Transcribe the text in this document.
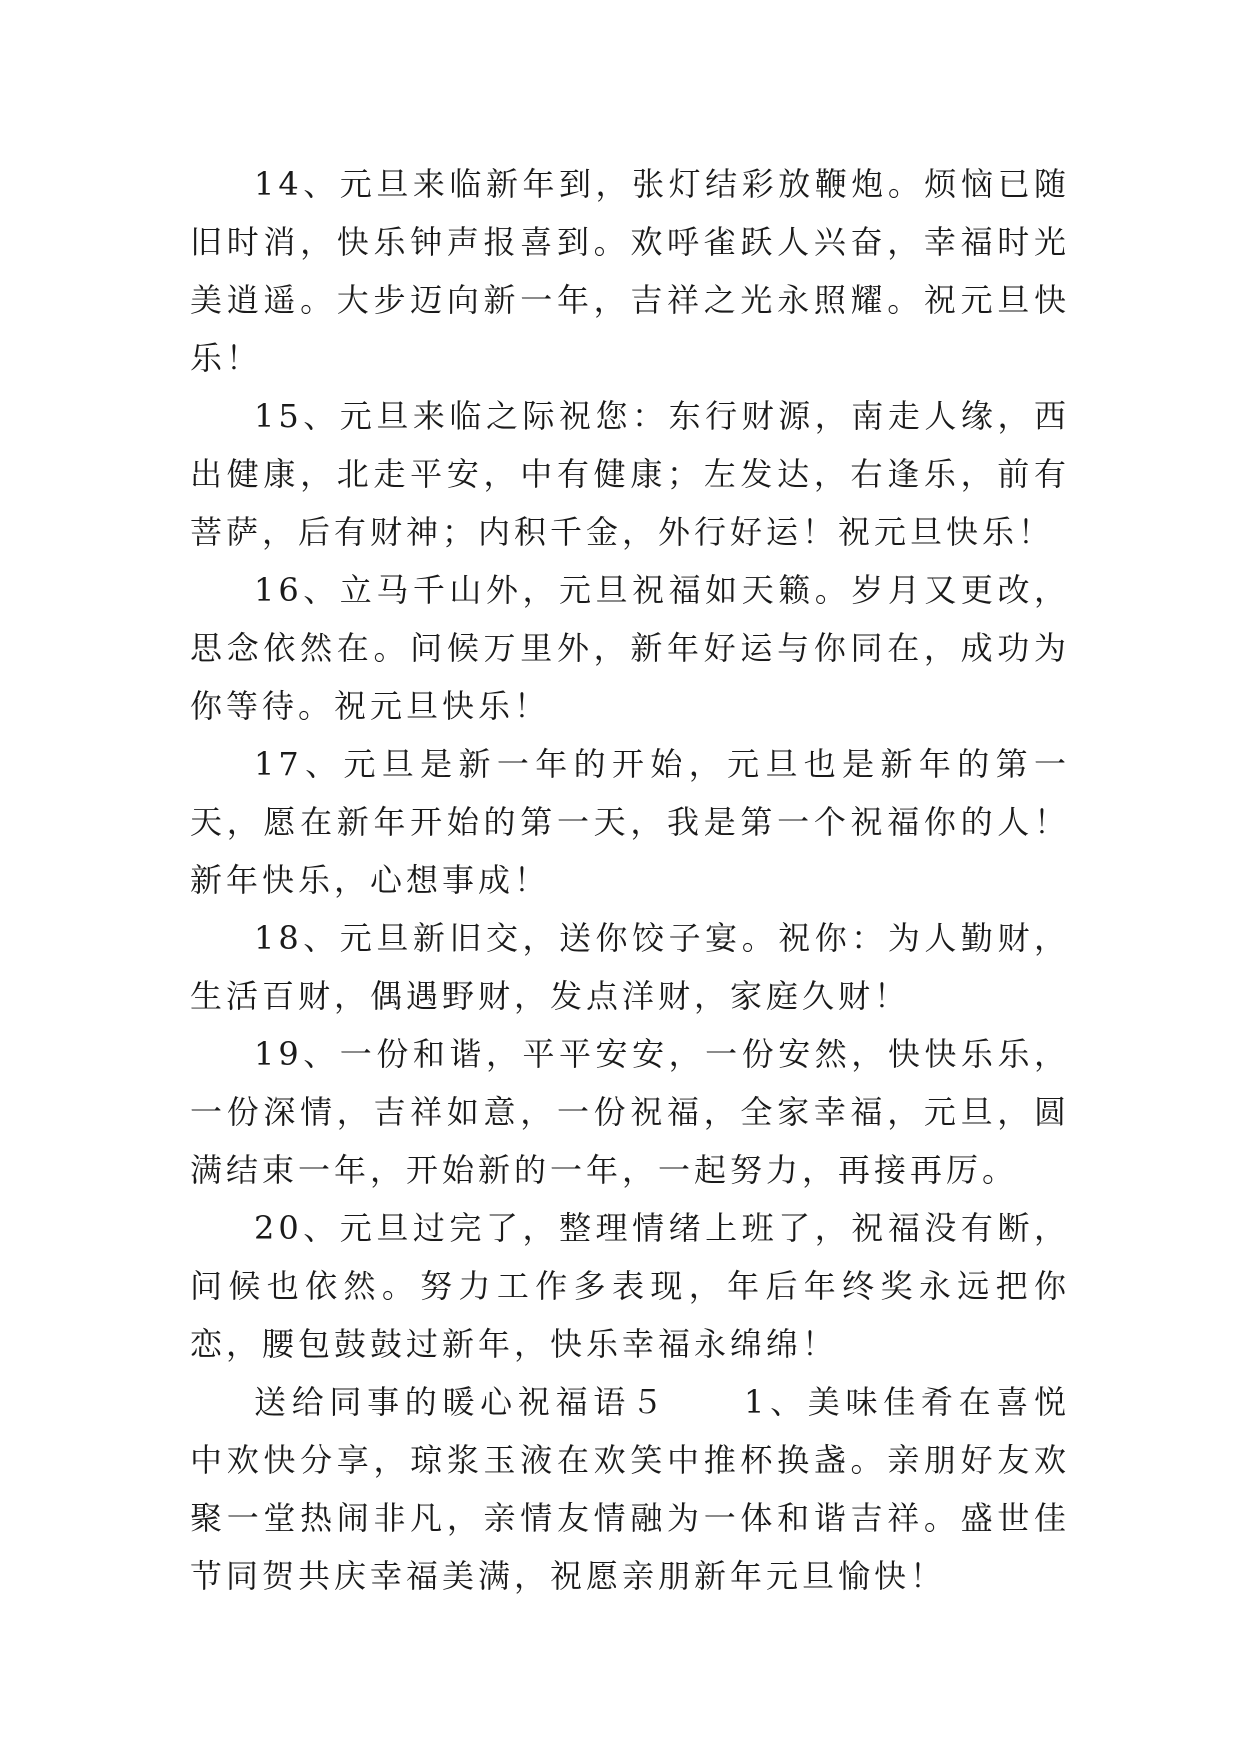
14、元旦来临新年到，张灯结彩放鞭炮。烦恼已随旧时消，快乐钟声报喜到。欢呼雀跃人兴奋，幸福时光美逍遥。大步迈向新一年，吉祥之光永照耀。祝元旦快乐！

15、元旦来临之际祝您：东行财源，南走人缘，西出健康，北走平安，中有健康；左发达，右逢乐，前有菩萨，后有财神；内积千金，外行好运！祝元旦快乐！

16、立马千山外，元旦祝福如天籁。岁月又更改，思念依然在。问候万里外，新年好运与你同在，成功为你等待。祝元旦快乐！

17、元旦是新一年的开始，元旦也是新年的第一天，愿在新年开始的第一天，我是第一个祝福你的人！新年快乐，心想事成！

18、元旦新旧交，送你饺子宴。祝你：为人勤财，生活百财，偶遇野财，发点洋财，家庭久财！

19、一份和谐，平平安安，一份安然，快快乐乐，一份深情，吉祥如意，一份祝福，全家幸福，元旦，圆满结束一年，开始新的一年，一起努力，再接再厉。

20、元旦过完了，整理情绪上班了，祝福没有断，问候也依然。努力工作多表现，年后年终奖永远把你恋，腰包鼓鼓过新年，快乐幸福永绵绵！

送给同事的暖心祝福语５　　1、美味佳肴在喜悦中欢快分享，琼浆玉液在欢笑中推杯换盏。亲朋好友欢聚一堂热闹非凡，亲情友情融为一体和谐吉祥。盛世佳节同贺共庆幸福美满，祝愿亲朋新年元旦愉快！
